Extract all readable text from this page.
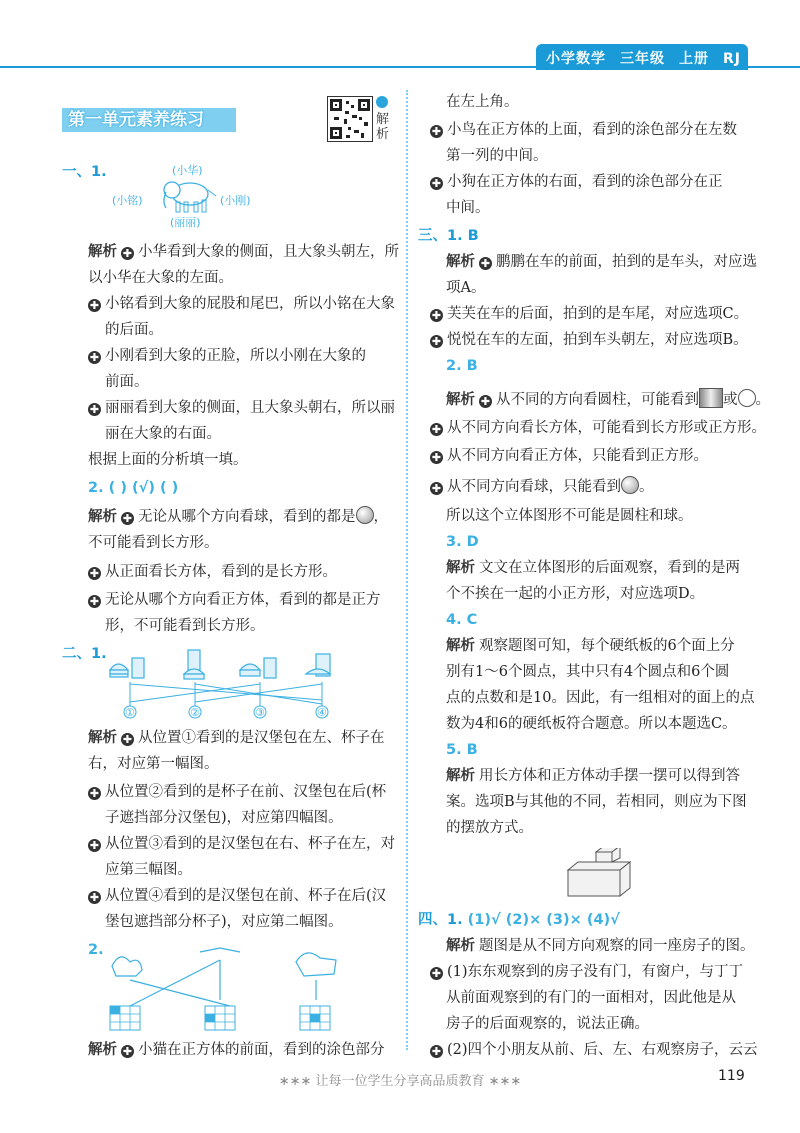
小学数学 三年级 上册 RJ
第一单元素养练习	解析
一、1.	(小华)
(小铭)	(小刚)
(丽丽)
解析 ✚ 小华看到大象的侧面，且大象头朝左，所
以小华在大象的左面。
✚ 小铭看到大象的屁股和尾巴，所以小铭在大象
的后面。
✚ 小刚看到大象的正脸，所以小刚在大象的
前面。
✚ 丽丽看到大象的侧面，且大象头朝右，所以丽
丽在大象的右面。
根据上面的分析填一填。
2. ( ) (√) ( )
解析 ✚ 无论从哪个方向看球，看到的都是 ，
不可能看到长方形。
✚ 从正面看长方体，看到的是长方形。
✚ 无论从哪个方向看正方体，看到的都是正方
形，不可能看到长方形。
二、1.
①	②	③	④
解析 ✚ 从位置①看到的是汉堡包在左、杯子在
右，对应第一幅图。
✚ 从位置②看到的是杯子在前、汉堡包在后(杯
子遮挡部分汉堡包)，对应第四幅图。
✚ 从位置③看到的是汉堡包在右、杯子在左，对
应第三幅图。
✚ 从位置④看到的是汉堡包在前、杯子在后(汉
堡包遮挡部分杯子)，对应第二幅图。
2.
解析 ✚ 小猫在正方体的前面，看到的涂色部分
在左上角。
✚ 小鸟在正方体的上面，看到的涂色部分在左数
第一列的中间。
✚ 小狗在正方体的右面，看到的涂色部分在正
中间。
三、1. B
解析 ✚ 鹏鹏在车的前面，拍到的是车头，对应选
项A。
✚ 芙芙在车的后面，拍到的是车尾，对应选项C。
✚ 悦悦在车的左面，拍到车头朝左，对应选项B。
2. B
解析 ✚ 从不同的方向看圆柱，可能看到 或 。
✚ 从不同方向看长方体，可能看到长方形或正方形。
✚ 从不同方向看正方体，只能看到正方形。
✚ 从不同方向看球，只能看到 。
所以这个立体图形不可能是圆柱和球。
3. D
解析 文文在立体图形的后面观察，看到的是两
个不挨在一起的小正方形，对应选项D。
4. C
解析 观察题图可知，每个硬纸板的6个面上分
别有1～6个圆点，其中只有4个圆点和6个圆
点的点数和是10。因此，有一组相对的面上的点
数为4和6的硬纸板符合题意。所以本题选C。
5. B
解析 用长方体和正方体动手摆一摆可以得到答
案。选项B与其他的不同，若相同，则应为下图
的摆放方式。
四、1. (1)√ (2)× (3)× (4)√
解析 题图是从不同方向观察的同一座房子的图。
✚ (1)东东观察到的房子没有门，有窗户，与丁丁
从前面观察到的有门的一面相对，因此他是从
房子的后面观察的，说法正确。
✚ (2)四个小朋友从前、后、左、右观察房子，云云
∗∗∗ 让每一位学生分享高品质教育 ∗∗∗	119
